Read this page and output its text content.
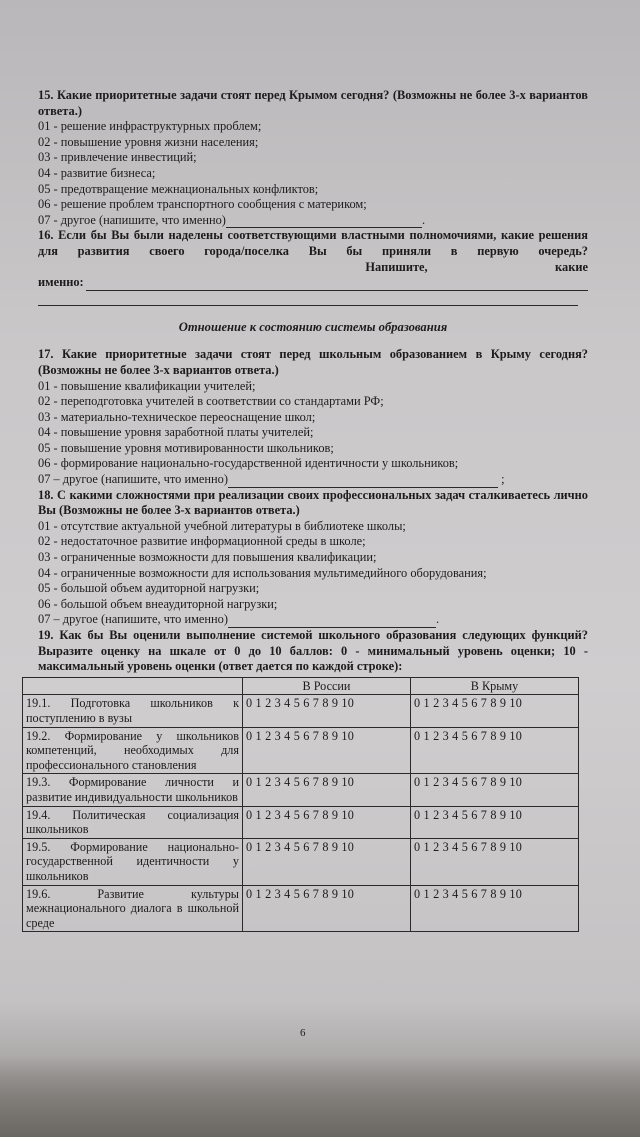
15. Какие приоритетные задачи стоят перед Крымом сегодня? (Возможны не более 3-х вариантов ответа.)
01 - решение инфраструктурных проблем;
02 - повышение уровня жизни населения;
03 - привлечение инвестиций;
04 - развитие бизнеса;
05 - предотвращение межнациональных конфликтов;
06 - решение проблем транспортного сообщения с материком;
07 - другое (напишите, что именно)	.
16. Если бы Вы были наделены соответствующими властными полномочиями, какие решения для развития своего города/поселка Вы бы приняли в первую очередь?
Напишите,	какие
именно:
Отношение к состоянию системы образования
17. Какие приоритетные задачи стоят перед школьным образованием в Крыму сегодня? (Возможны не более 3-х вариантов ответа.)
01 - повышение квалификации учителей;
02 - переподготовка учителей в соответствии со стандартами РФ;
03 - материально-техническое переоснащение школ;
04 - повышение уровня заработной платы учителей;
05 - повышение уровня мотивированности школьников;
06 - формирование национально-государственной идентичности у школьников;
07 – другое (напишите, что именно)	;
18. С какими сложностями при реализации своих профессиональных задач сталкиваетесь лично Вы (Возможны не более 3-х вариантов ответа.)
01 - отсутствие актуальной учебной литературы в библиотеке школы;
02 - недостаточное развитие информационной среды в школе;
03 - ограниченные возможности для повышения квалификации;
04 - ограниченные возможности для использования мультимедийного оборудования;
05 - большой объем аудиторной нагрузки;
06 - большой объем внеаудиторной нагрузки;
07 – другое (напишите, что именно)	.
19. Как бы Вы оценили выполнение системой школьного образования следующих функций? Выразите оценку на шкале от 0 до 10 баллов: 0 - минимальный уровень оценки; 10 - максимальный уровень оценки (ответ дается по каждой строке):
	В России	В Крыму
19.1. Подготовка школьников к поступлению в вузы	0 1 2 3 4 5 6 7 8 9 10	0 1 2 3 4 5 6 7 8 9 10
19.2. Формирование у школьников компетенций, необходимых для профессионального становления	0 1 2 3 4 5 6 7 8 9 10	0 1 2 3 4 5 6 7 8 9 10
19.3. Формирование личности и развитие индивидуальности школьников	0 1 2 3 4 5 6 7 8 9 10	0 1 2 3 4 5 6 7 8 9 10
19.4. Политическая социализация школьников	0 1 2 3 4 5 6 7 8 9 10	0 1 2 3 4 5 6 7 8 9 10
19.5. Формирование национально-государственной идентичности у школьников	0 1 2 3 4 5 6 7 8 9 10	0 1 2 3 4 5 6 7 8 9 10
19.6. Развитие культуры межнационального диалога в школьной среде	0 1 2 3 4 5 6 7 8 9 10	0 1 2 3 4 5 6 7 8 9 10
6
